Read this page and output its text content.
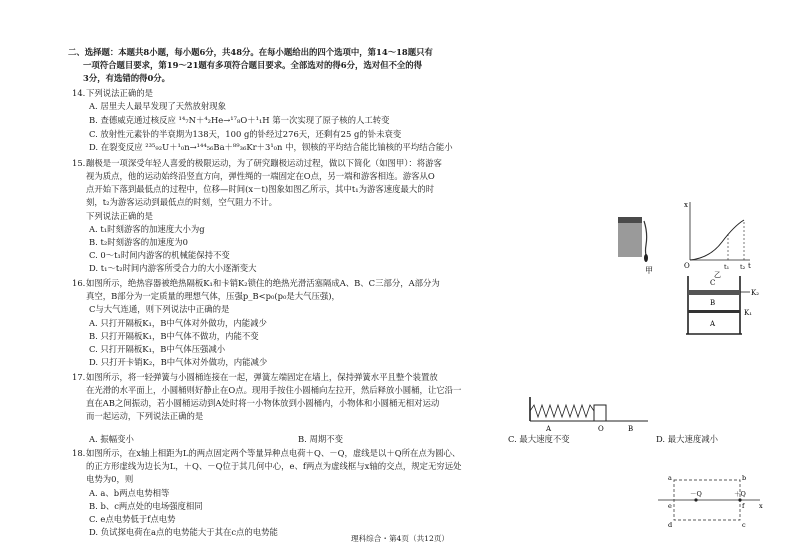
二、选择题：本题共8小题，每小题6分，共48分。在每小题给出的四个选项中，第14～18题只有
一项符合题目要求，第19～21题有多项符合题目要求。全部选对的得6分，选对但不全的得
3分，有选错的得0分。
14. 下列说法正确的是
A. 居里夫人最早发现了天然放射现象
B. 查德威克通过核反应 ¹⁴₇N＋⁴₂He→¹⁷₈O＋¹₁H 第一次实现了原子核的人工转变
C. 放射性元素钋的半衰期为138天，100 g的钋经过276天，还剩有25 g的钋未衰变
D. 在裂变反应 ²³⁵₉₂U＋¹₀n→¹⁴⁴₅₆Ba＋⁸⁹₃₆Kr＋3¹₀n 中，钡核的平均结合能比铀核的平均结合能小
15. 蹦极是一项深受年轻人喜爱的极限运动，为了研究蹦极运动过程，做以下简化（如图甲）：将游客
视为质点，他的运动始终沿竖直方向，弹性绳的一端固定在O点，另一端和游客相连。游客从O
点开始下落到最低点的过程中，位移—时间(x－t)图象如图乙所示，其中t₁为游客速度最大的时
刻，t₂为游客运动到最低点的时刻，空气阻力不计。
下列说法正确的是
A. t₁时刻游客的加速度大小为g
B. t₂时刻游客的加速度为0
C. 0～t₁时间内游客的机械能保持不变
D. t₁～t₂时间内游客所受合力的大小逐渐变大	甲
x
t
O	t₁ t₂
乙
16. 如图所示，绝热容器被绝热隔板K₁和卡销K₂锁住的绝热光滑活塞隔成A、B、C三部分，A部分为
真空，B部分为一定质量的理想气体，压强p_B<p₀(p₀是大气压强)，
C与大气连通，则下列说法中正确的是
A. 只打开隔板K₁，B中气体对外做功，内能减少
B. 只打开隔板K₁，B中气体不做功，内能不变
C. 只打开隔板K₁，B中气体压强减小
D. 只打开卡销K₂，B中气体对外做功，内能减少
C
B
A
K₁
K₂
17. 如图所示，将一轻弹簧与小圆桶连接在一起，弹簧左端固定在墙上，保持弹簧水平且整个装置放
在光滑的水平面上，小圆桶则好静止在O点。现用手按住小圆桶向左拉开，然后释放小圆桶，让它沿一
直在AB之间振动，若小圆桶运动到A处时将一小物体放到小圆桶内，小物体和小圆桶无相对运动
而一起运动，下列说法正确的是
A	O	B
A. 振幅变小	B. 周期不变	C. 最大速度不变	D. 最大速度减小
18. 如图所示，在x轴上相距为L的两点固定两个等量异种点电荷＋Q、－Q，虚线是以＋Q所在点为圆心、
的正方形虚线为边长为L，＋Q、－Q位于其几何中心，e、f两点为虚线框与x轴的交点，规定无穷远处
电势为0，则
A. a、b两点电势相等
B. b、c两点处的电场强度相同
C. e点电势低于f点电势
D. 负试探电荷在a点的电势能大于其在c点的电势能
－Q	＋Q
x
a	b
c
d
e	f
理科综合・第4页（共12页）
